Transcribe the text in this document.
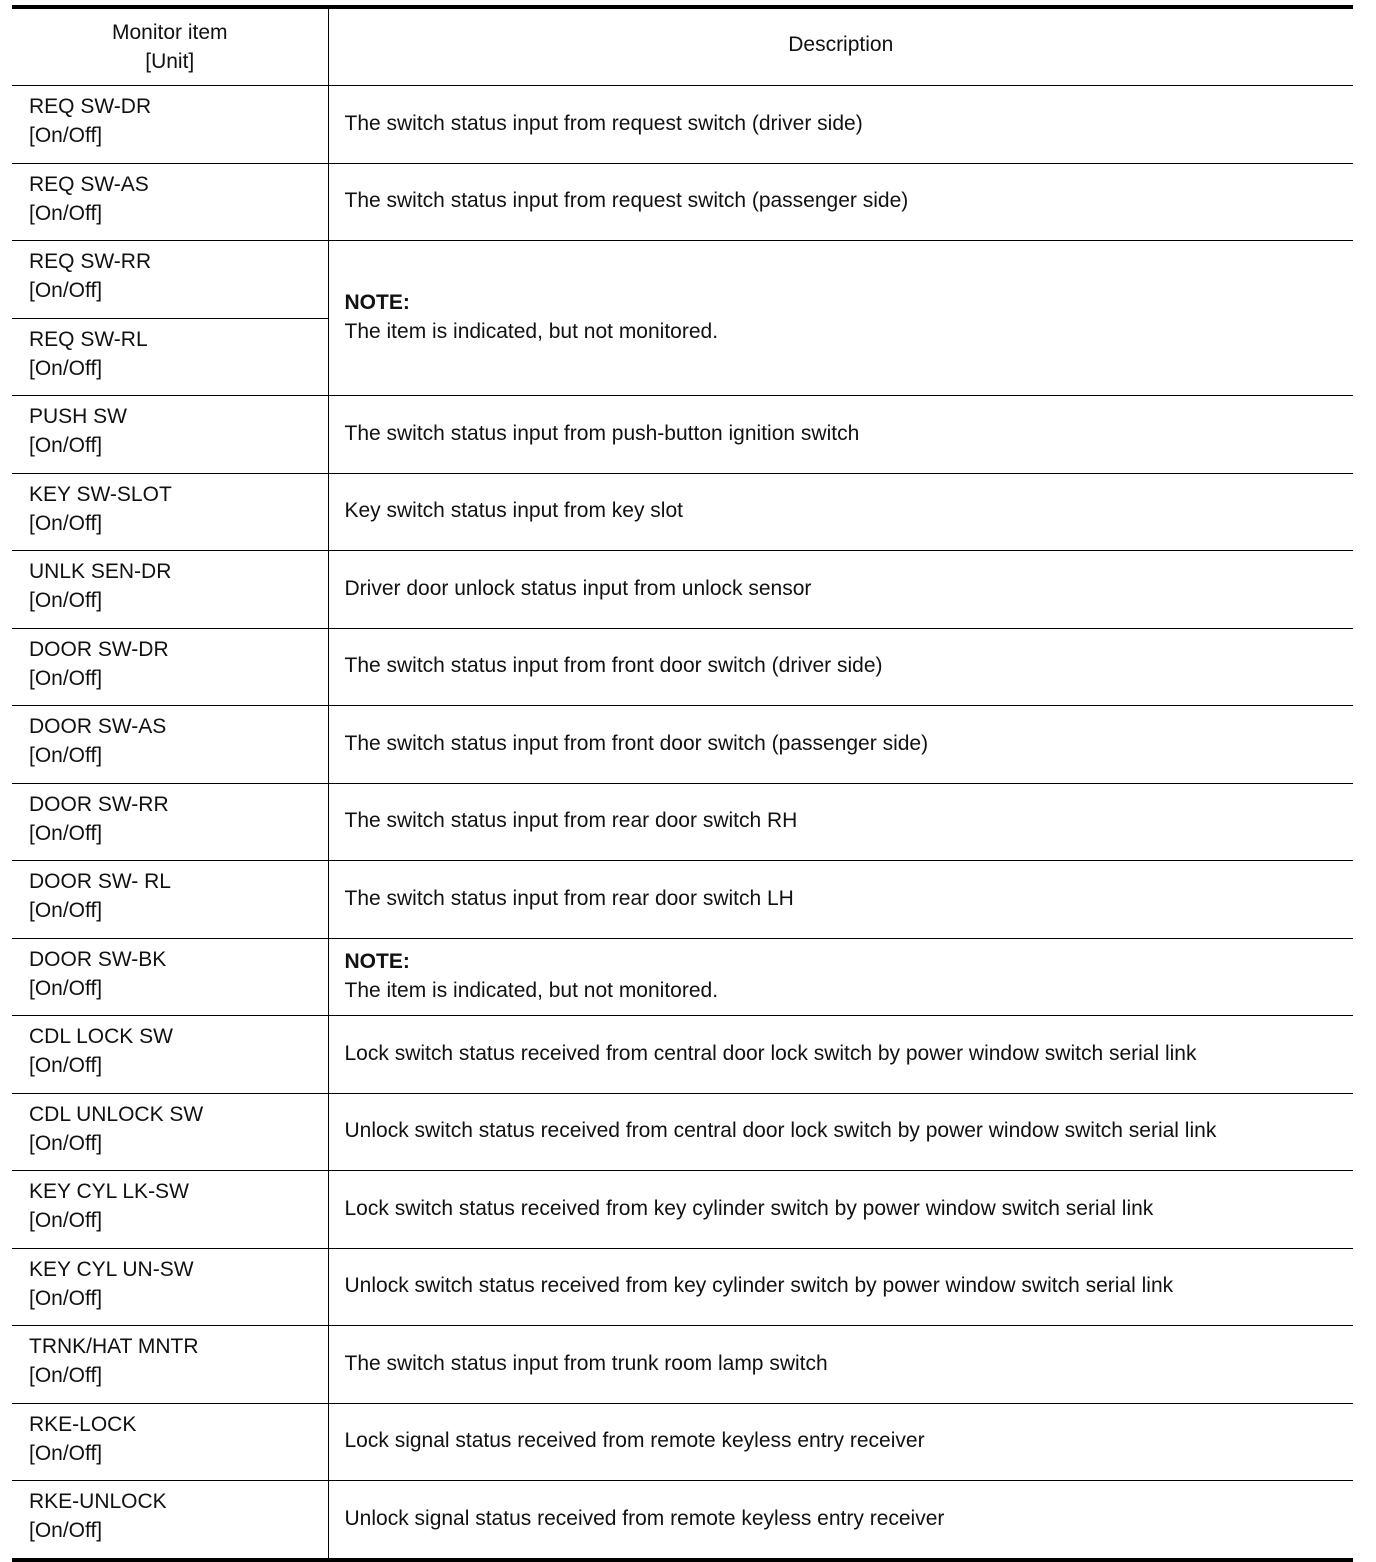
Monitor item
[Unit]	Description

REQ SW-DR
[On/Off]	The switch status input from request switch (driver side)

REQ SW-AS
[On/Off]	The switch status input from request switch (passenger side)

REQ SW-RR
[On/Off]	NOTE:
The item is indicated, but not monitored.

REQ SW-RL
[On/Off]	

PUSH SW
[On/Off]	The switch status input from push-button ignition switch

KEY SW-SLOT
[On/Off]	Key switch status input from key slot

UNLK SEN-DR
[On/Off]	Driver door unlock status input from unlock sensor

DOOR SW-DR
[On/Off]	The switch status input from front door switch (driver side)

DOOR SW-AS
[On/Off]	The switch status input from front door switch (passenger side)

DOOR SW-RR
[On/Off]	The switch status input from rear door switch RH

DOOR SW- RL
[On/Off]	The switch status input from rear door switch LH

DOOR SW-BK
[On/Off]	NOTE:
The item is indicated, but not monitored.

CDL LOCK SW
[On/Off]	Lock switch status received from central door lock switch by power window switch serial link

CDL UNLOCK SW
[On/Off]	Unlock switch status received from central door lock switch by power window switch serial link

KEY CYL LK-SW
[On/Off]	Lock switch status received from key cylinder switch by power window switch serial link

KEY CYL UN-SW
[On/Off]	Unlock switch status received from key cylinder switch by power window switch serial link

TRNK/HAT MNTR
[On/Off]	The switch status input from trunk room lamp switch

RKE-LOCK
[On/Off]	Lock signal status received from remote keyless entry receiver

RKE-UNLOCK
[On/Off]	Unlock signal status received from remote keyless entry receiver
